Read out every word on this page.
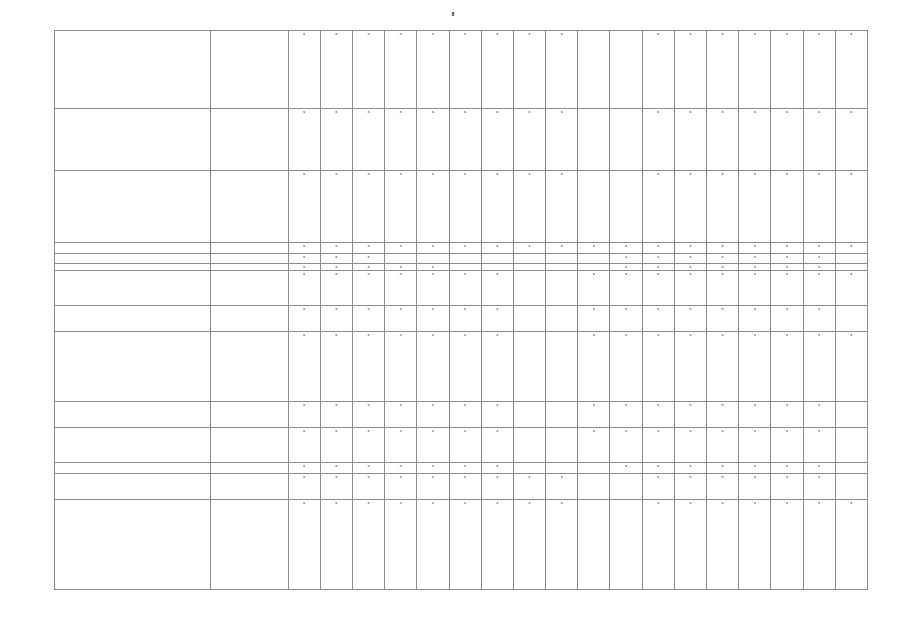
8
		X	X	X	X	X	X	X	X	X			X	X	X	X	X	X	X
		X	X	X	X	X	X	X	X	X			X	X	X	X	X	X	X
		X	X	X	X	X	X	X	X	X			X	X	X	X	X	X	X
		X	X	X	X	X	X	X	X	X	X	X	X	X	X	X	X	X	X
		X	X	X								X	X	X	X	X	X	X	
		X	X	X	X	X						X	X	X	X	X	X	X	
		X	X	X	X	X	X	X			X	X	X	X	X	X	X	X	X
		X	X	X	X	X	X	X			X	X	X	X	X	X	X	X	
		X	X	X	X	X	X	X			X	X	X	X	X	X	X	X	X
		X	X	X	X	X	X	X			X	X	X	X	X	X	X	X	
		X	X	X	X	X	X	X			X	X	X	X	X	X	X	X	
		X	X	X	X	X	X	X				X	X	X	X	X	X	X	
		X	X	X	X	X	X	X	X	X			X	X	X	X	X	X	
		X	X	X	X	X	X	X	X	X			X	X	X	X	X	X	X
